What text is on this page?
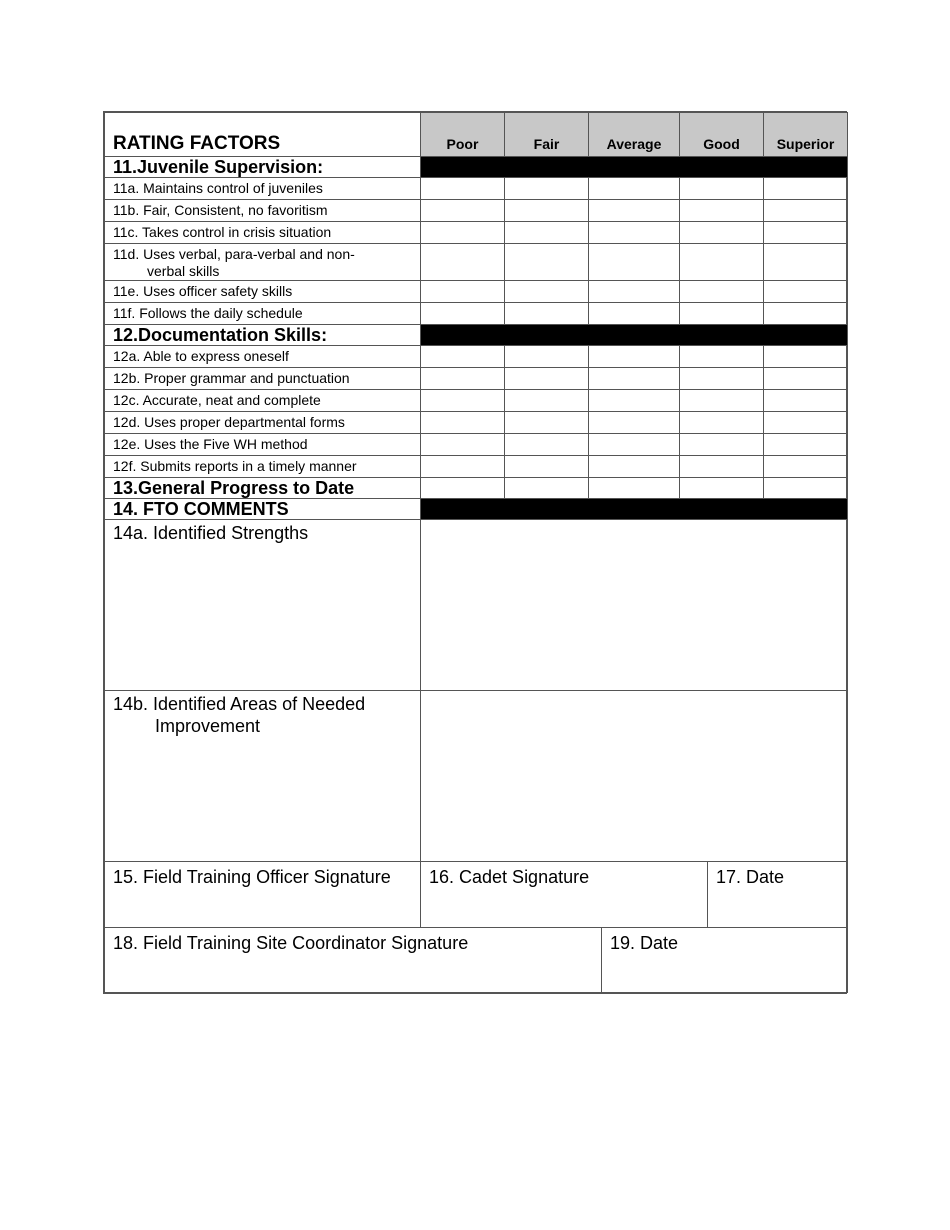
RATING FACTORS	Poor	Fair	Average	Good	Superior
11.Juvenile Supervision:					
11a. Maintains control of juveniles					
11b. Fair, Consistent, no favoritism					
11c. Takes control in crisis situation					
11d. Uses verbal, para-verbal and non-
verbal skills					

11e. Uses officer safety skills					
11f. Follows the daily schedule					
12.Documentation Skills:					
12a. Able to express oneself					
12b. Proper grammar and punctuation					
12c. Accurate, neat and complete					
12d. Uses proper departmental forms					
12e. Uses the Five WH method					
12f. Submits reports in a timely manner					
13.General Progress to Date					
14. FTO COMMENTS					
14a. Identified Strengths					
14b. Identified Areas of Needed
Improvement					

15. Field Training Officer Signature	16. Cadet Signature	17. Date
18. Field Training Site Coordinator Signature	19. Date
